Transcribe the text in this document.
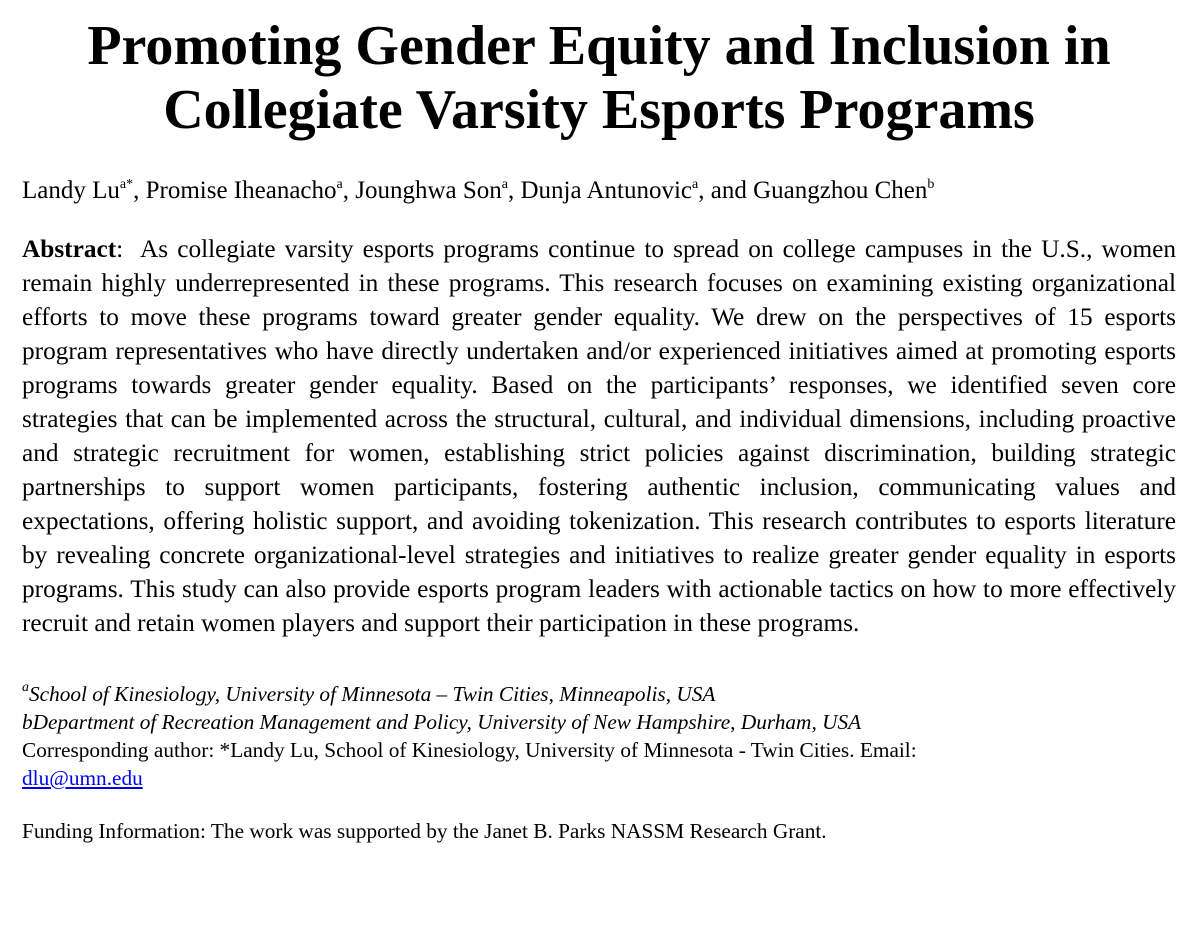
Promoting Gender Equity and Inclusion in
Collegiate Varsity Esports Programs
Landy $Lu^{a*}$, Promise Iheanacho$^a$, Jounghwa Son$^a$, Dunja Antunovic$^a$, and Guangzhou Chen$^b$
Abstract:  As collegiate varsity esports programs continue to spread on college campuses in the U.S., women remain highly underrepresented in these programs. This research focuses on examining existing organizational efforts to move these programs toward greater gender equality. We drew on the perspectives of 15 esports program representatives who have directly undertaken and/or experienced initiatives aimed at promoting esports programs towards greater gender equality. Based on the participants’ responses, we identified seven core strategies that can be implemented across the structural, cultural, and individual dimensions, including proactive and strategic recruitment for women, establishing strict policies against discrimination, building strategic partnerships to support women participants, fostering authentic inclusion, communicating values and expectations, offering holistic support, and avoiding tokenization. This research contributes to esports literature by revealing concrete organizational-level strategies and initiatives to realize greater gender equality in esports programs. This study can also provide esports program leaders with actionable tactics on how to more effectively recruit and retain women players and support their participation in these programs.
$^a$School of Kinesiology, University of Minnesota – Twin Cities, Minneapolis, USA
bDepartment of Recreation Management and Policy, University of New Hampshire, Durham, USA
Corresponding author: *Landy Lu, School of Kinesiology, University of Minnesota - Twin Cities. Email:
dlu@umn.edu
Funding Information: The work was supported by the Janet B. Parks NASSM Research Grant.
